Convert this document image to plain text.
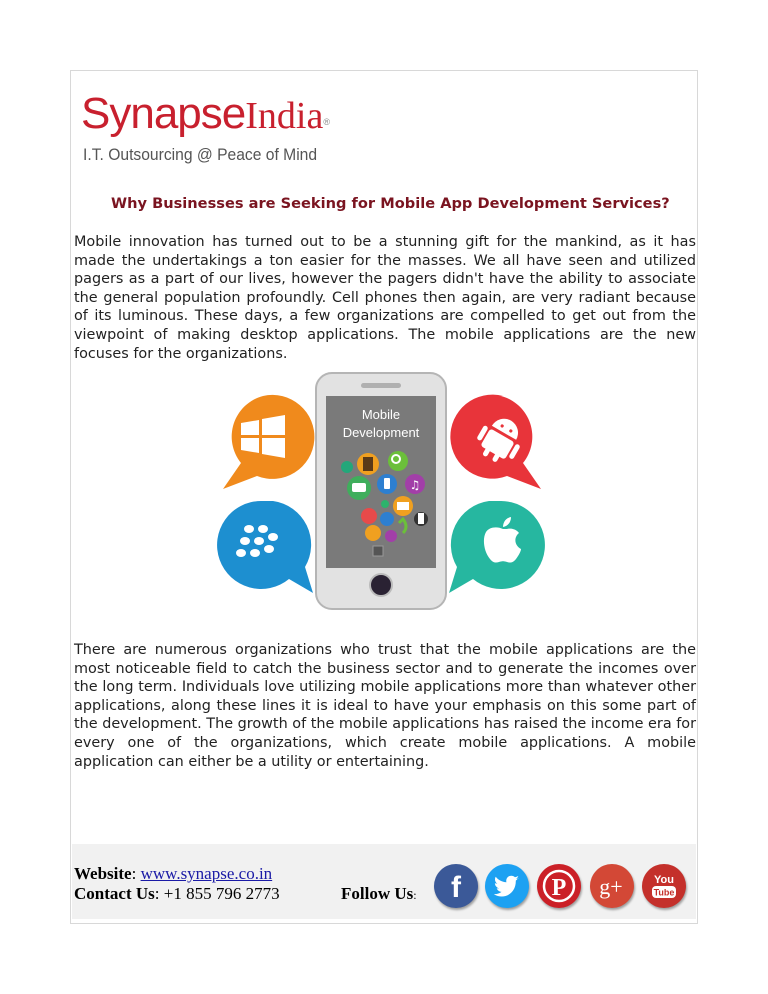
SynapseIndia®
I.T. Outsourcing @ Peace of Mind
Why Businesses are Seeking for Mobile App Development Services?

Mobile innovation has turned out to be a stunning gift for the mankind, as it has made the undertakings a ton easier for the masses. We all have seen and utilized pagers as a part of our lives, however the pagers didn't have the ability to associate the general population profoundly. Cell phones then again, are very radiant because of its luminous. These days, a few organizations are compelled to get out from the viewpoint of making desktop applications. The mobile applications are the new focuses for the organizations.

Mobile
Development
♫

There are numerous organizations who trust that the mobile applications are the most noticeable field to catch the business sector and to generate the incomes over the long term. Individuals love utilizing mobile applications more than whatever other applications, along these lines it is ideal to have your emphasis on this some part of the development. The growth of the mobile applications has raised the income era for every one of the organizations, which create mobile applications. A mobile application can either be a utility or entertaining.

Website: www.synapse.co.in
Contact Us: +1 855 796 2773	Follow Us: f	P g+	You
Tube
